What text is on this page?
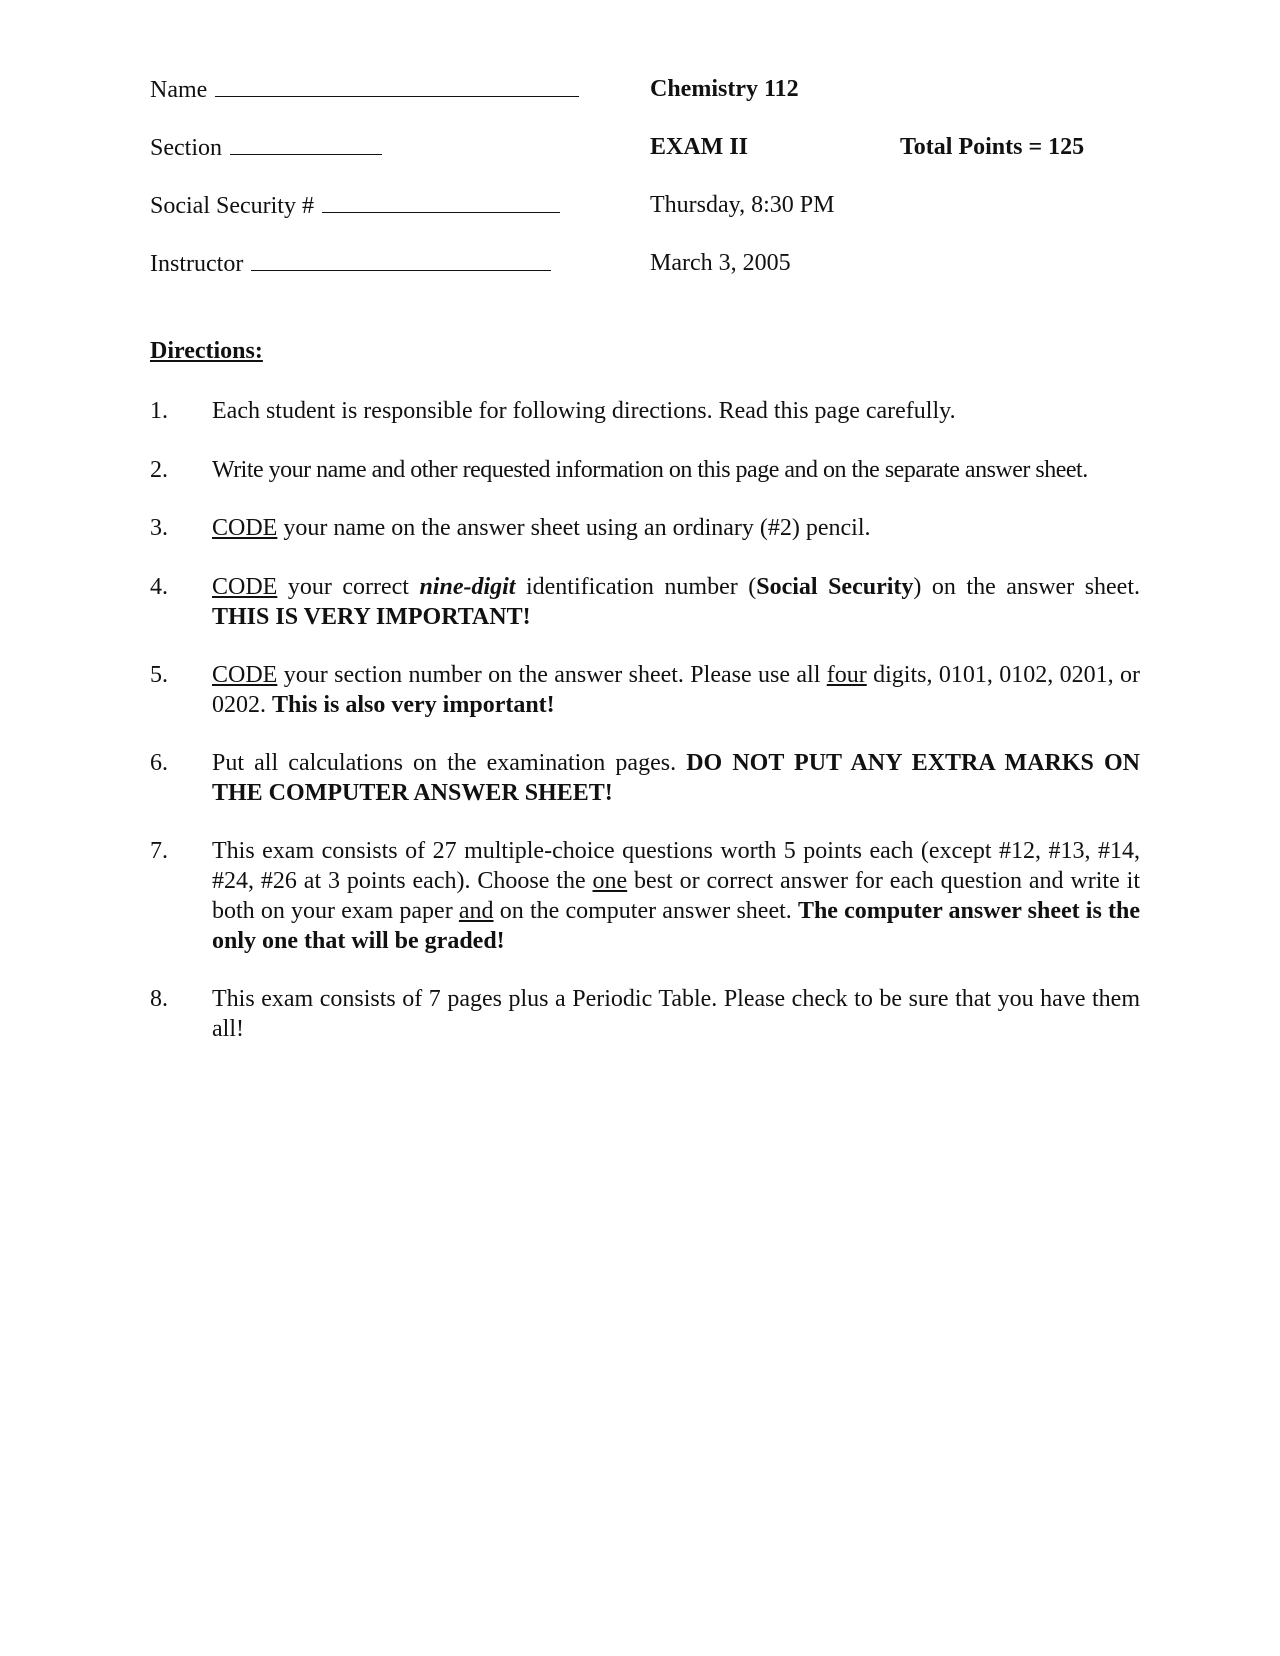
Name
Section
Social Security #
Instructor
Chemistry 112
EXAM II
Thursday, 8:30 PM
March 3, 2005
Total Points = 125
Directions:
1.	Each student is responsible for following directions. Read this page carefully.
2.	Write your name and other requested information on this page and on the separate answer sheet.
3.	CODE your name on the answer sheet using an ordinary (#2) pencil.
4.	CODE your correct nine-digit identification number (Social Security) on the answer sheet. THIS IS VERY IMPORTANT!
5.	CODE your section number on the answer sheet. Please use all four digits, 0101, 0102, 0201, or 0202. This is also very important!
6.	Put all calculations on the examination pages. DO NOT PUT ANY EXTRA MARKS ON THE COMPUTER ANSWER SHEET!
7.	This exam consists of 27 multiple-choice questions worth 5 points each (except #12, #13, #14, #24, #26 at 3 points each). Choose the one best or correct answer for each question and write it both on your exam paper and on the computer answer sheet. The computer answer sheet is the only one that will be graded!
8.	This exam consists of 7 pages plus a Periodic Table. Please check to be sure that you have them all!
